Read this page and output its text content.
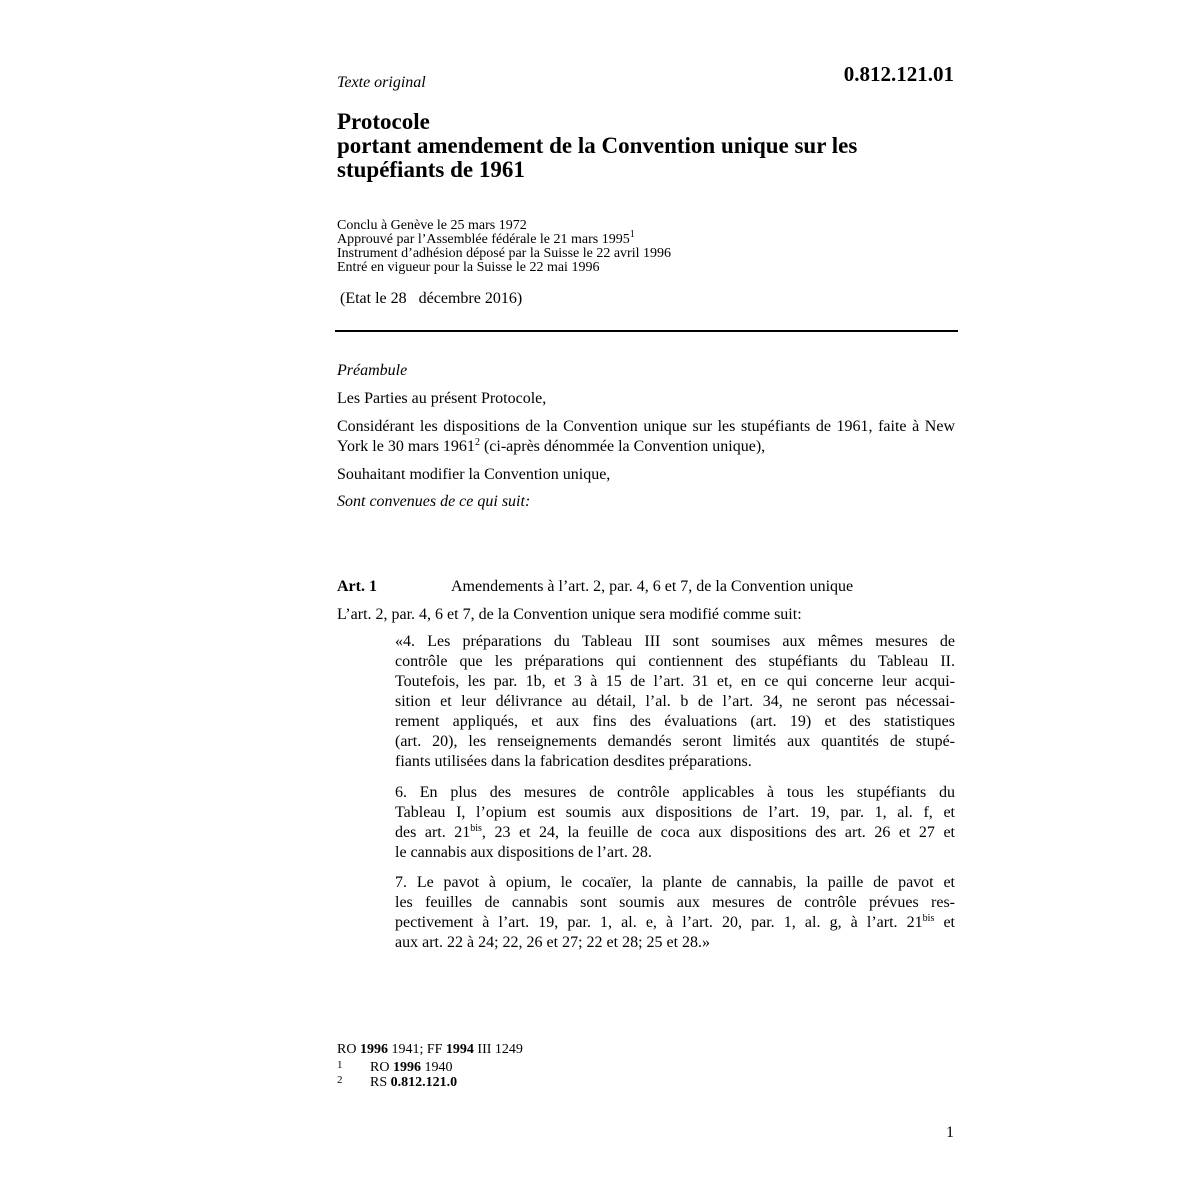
Texte original	0.812.121.01
Protocole
portant amendement de la Convention unique sur les
stupéfiants de 1961
Conclu à Genève le 25 mars 1972
Approuvé par l’Assemblée fédérale le 21 mars 1995$^1$
Instrument d’adhésion déposé par la Suisse le 22 avril 1996
Entré en vigueur pour la Suisse le 22 mai 1996
(Etat le 28   décembre 2016)
Préambule
Les Parties au présent Protocole,
Considérant les dispositions de la Convention unique sur les stupéfiants de 1961, faite à New York le 30 mars 1961$^2$ (ci-après dénommée la Convention unique),
Souhaitant modifier la Convention unique,
Sont convenues de ce qui suit:
Art. 1	Amendements à l’art. 2, par. 4, 6 et 7, de la Convention unique
L’art. 2, par. 4, 6 et 7, de la Convention unique sera modifié comme suit:
«4. Les préparations du Tableau III sont soumises aux mêmes mesures de
contrôle que les préparations qui contiennent des stupéfiants du Tableau II.
Toutefois, les par. 1b, et 3 à 15 de l’art. 31 et, en ce qui concerne leur acqui-
sition et leur délivrance au détail, l’al. b de l’art. 34, ne seront pas nécessai-
rement appliqués, et aux fins des évaluations (art. 19) et des statistiques
(art. 20), les renseignements demandés seront limités aux quantités de stupé-
fiants utilisées dans la fabrication desdites préparations.
6. En plus des mesures de contrôle applicables à tous les stupéfiants du
Tableau I, l’opium est soumis aux dispositions de l’art. 19, par. 1, al. f, et
des art. $21^{bis}$, 23 et 24, la feuille de coca aux dispositions des art. 26 et 27 et
le cannabis aux dispositions de l’art. 28.
7. Le pavot à opium, le cocaïer, la plante de cannabis, la paille de pavot et
les feuilles de cannabis sont soumis aux mesures de contrôle prévues res-
pectivement à l’art. 19, par. 1, al. e, à l’art. 20, par. 1, al. g, à l’art. $21^{bis}$ et
aux art. 22 à 24; 22, 26 et 27; 22 et 28; 25 et 28.»
RO 1996 1941; FF 1994 III 1249
1 RO 1996 1940
2 RS 0.812.121.0
1
